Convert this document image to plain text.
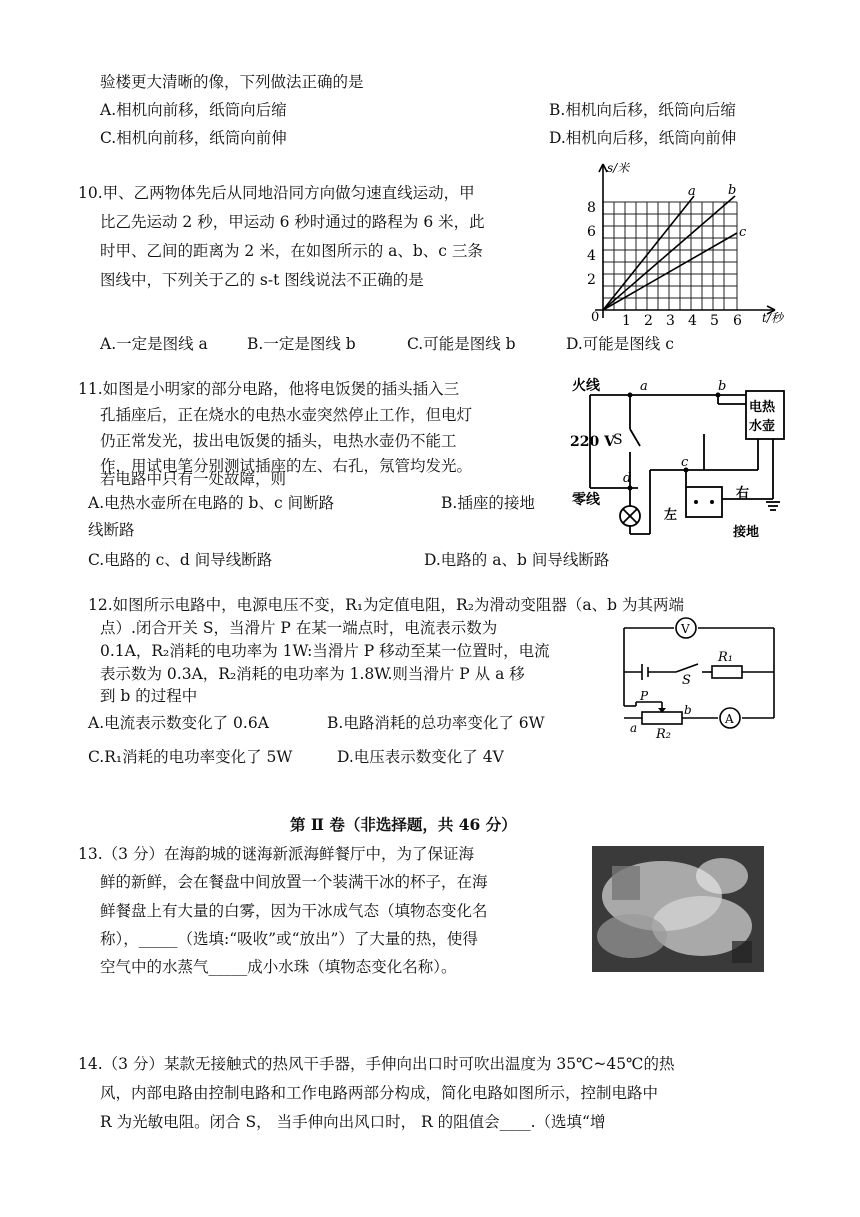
验楼更大清晰的像，下列做法正确的是
A.相机向前移，纸筒向后缩	B.相机向后移，纸筒向后缩
C.相机向前移，纸筒向前伸	D.相机向后移，纸筒向前伸
10.甲、乙两物体先后从同地沿同方向做匀速直线运动，甲
比乙先运动 2 秒，甲运动 6 秒时通过的路程为 6 米，此
时甲、乙间的距离为 2 米，在如图所示的 a、b、c 三条
图线中，下列关于乙的 s-t 图线说法不正确的是
A.一定是图线 a	B.一定是图线 b	C.可能是图线 b	D.可能是图线 c
s/米
t/秒
0
2
4
6
8
1 2 3 4 5 6
a b
c
11.如图是小明家的部分电路，他将电饭煲的插头插入三
孔插座后，正在烧水的电热水壶突然停止工作，但电灯
仍正常发光，拔出电饭煲的插头，电热水壶仍不能工
作，用试电笔分别测试插座的左、右孔，氖管均发光。
若电路中只有一处故障，则
A.电热水壶所在电路的 b、c 间断路	B.插座的接地
线断路
C.电路的 c、d 间导线断路	D.电路的 a、b 间导线断路
火线
零线
220 V
S
a	b
c
d
电热
水壶
左
右
接地
12.如图所示电路中，电源电压不变，R₁为定值电阻，R₂为滑动变阻器（a、b 为其两端
点）.闭合开关 S，当滑片 P 在某一端点时，电流表示数为
0.1A，R₂消耗的电功率为 1W:当滑片 P 移动至某一位置时，电流
表示数为 0.3A，R₂消耗的电功率为 1.8W.则当滑片 P 从 a 移
到 b 的过程中
A.电流表示数变化了 0.6A	B.电路消耗的总功率变化了 6W
C.R₁消耗的电功率变化了 5W	D.电压表示数变化了 4V
V
A
R₁
S
P
a
b
R₂
第 Ⅱ 卷（非选择题，共 46 分）
13.（3 分）在海韵城的谜海新派海鲜餐厅中，为了保证海
鲜的新鲜，会在餐盘中间放置一个装满干冰的杯子，在海
鲜餐盘上有大量的白雾，因为干冰成气态（填物态变化名
称），_____（选填:“吸收”或“放出”）了大量的热，使得
空气中的水蒸气_____成小水珠（填物态变化名称）。
14.（3 分）某款无接触式的热风干手器，手伸向出口时可吹出温度为 35℃~45℃的热
风，内部电路由控制电路和工作电路两部分构成，简化电路如图所示，控制电路中
R 为光敏电阻。闭合 S， 当手伸向出风口时， R 的阻值会____.（选填“增
